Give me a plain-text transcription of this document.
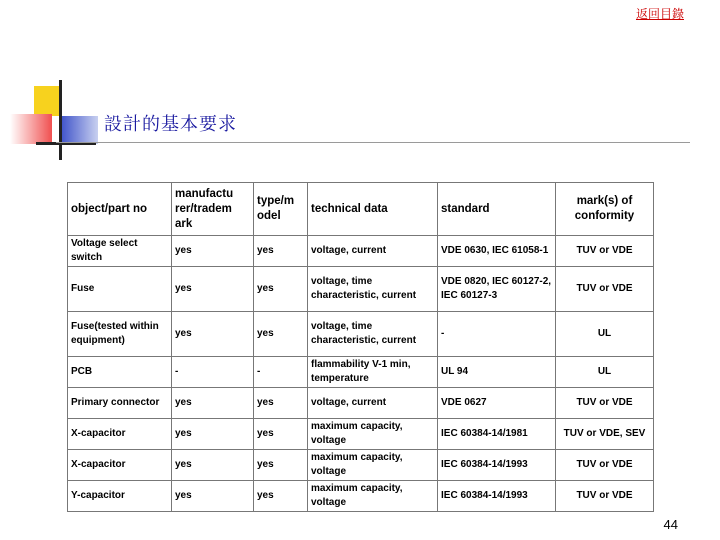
返回目錄
設計的基本要求
object/part no	manufactu rer/tradem ark	type/m odel	technical data	standard	mark(s) of conformity
Voltage select switch	yes	yes	voltage, current	VDE 0630, IEC 61058-1	TUV or VDE
Fuse	yes	yes	voltage, time characteristic, current	VDE 0820, IEC 60127-2, IEC 60127-3	TUV or VDE
Fuse(tested within equipment)	yes	yes	voltage, time characteristic, current	-	UL
PCB	-	-	flammability V-1 min, temperature	UL 94	UL
Primary connector	yes	yes	voltage, current	VDE 0627	TUV or VDE
X-capacitor	yes	yes	maximum capacity, voltage	IEC 60384-14/1981	TUV or VDE, SEV
X-capacitor	yes	yes	maximum capacity, voltage	IEC 60384-14/1993	TUV or VDE
Y-capacitor	yes	yes	maximum capacity, voltage	IEC 60384-14/1993	TUV or VDE
44
